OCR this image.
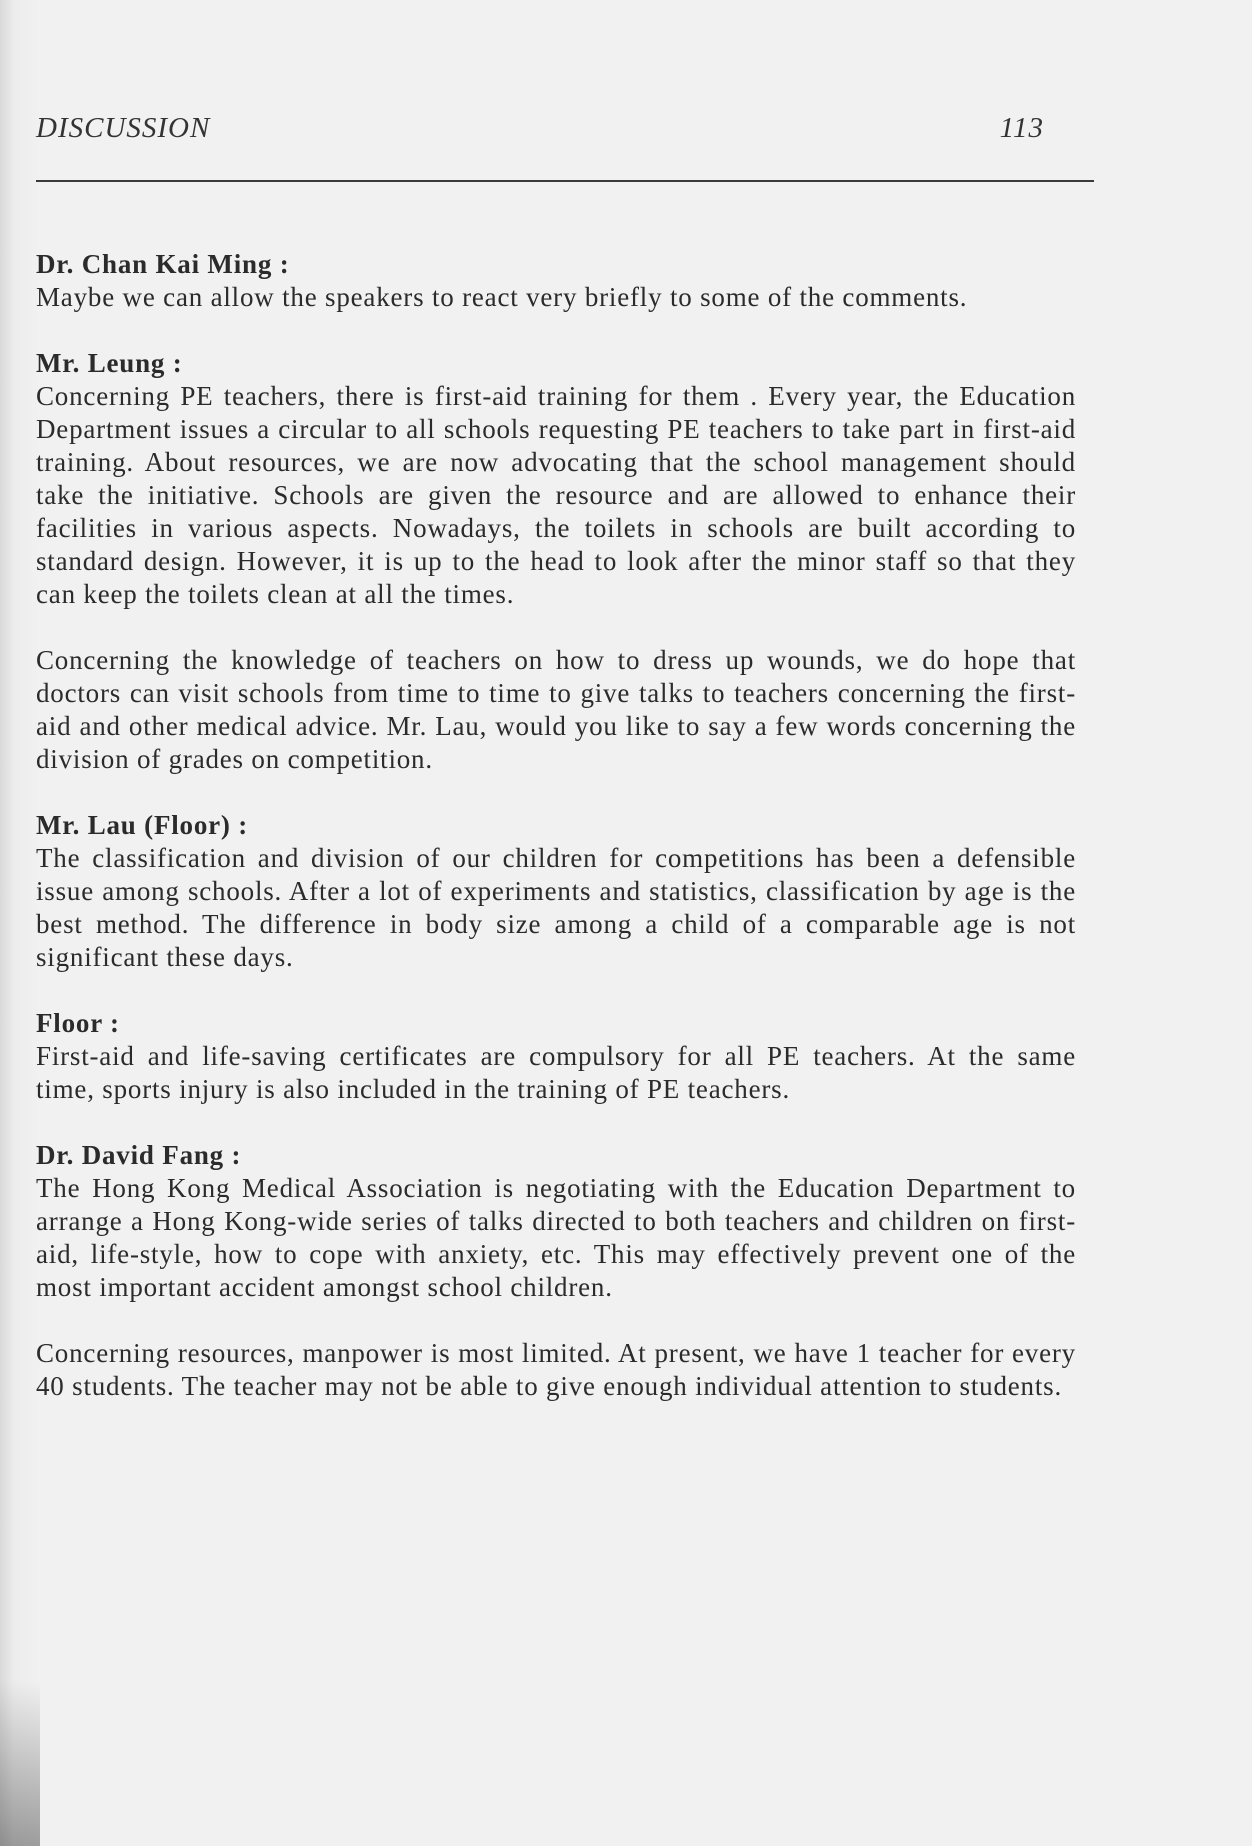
DISCUSSION	113
Dr. Chan Kai Ming :

Maybe we can allow the speakers to react very briefly to some of the comments.

Mr. Leung :

Concerning PE teachers, there is first-aid training for them . Every year, the Education Department issues a circular to all schools requesting PE teachers to take part in first-aid training. About resources, we are now advocating that the school management should take the initiative. Schools are given the resource and are allowed to enhance their facilities in various aspects. Nowadays, the toilets in schools are built according to standard design. However, it is up to the head to look after the minor staff so that they can keep the toilets clean at all the times.

Concerning the knowledge of teachers on how to dress up wounds, we do hope that doctors can visit schools from time to time to give talks to teachers concerning the first-aid and other medical advice. Mr. Lau, would you like to say a few words concerning the division of grades on competition.

Mr. Lau (Floor) :

The classification and division of our children for competitions has been a defensible issue among schools. After a lot of experiments and statistics, classification by age is the best method. The difference in body size among a child of a comparable age is not significant these days.

Floor :

First-aid and life-saving certificates are compulsory for all PE teachers. At the same time, sports injury is also included in the training of PE teachers.

Dr. David Fang :

The Hong Kong Medical Association is negotiating with the Education Department to arrange a Hong Kong-wide series of talks directed to both teachers and children on first-aid, life-style, how to cope with anxiety, etc. This may effectively prevent one of the most important accident amongst school children.

Concerning resources, manpower is most limited. At present, we have 1 teacher for every 40 students. The teacher may not be able to give enough individual attention to students.
